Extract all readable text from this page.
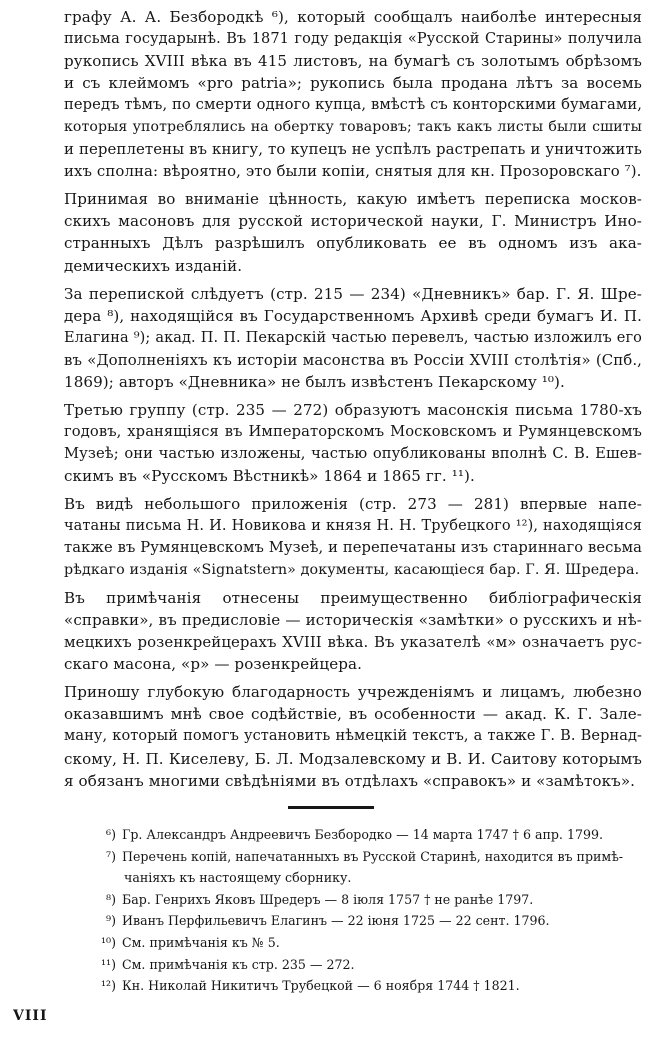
графу А. А. Безбородкѣ ⁶), который сообщалъ наиболѣе интересныя
письма государынѣ. Въ 1871 году редакція «Русской Старины» получила
рукопись XVIII вѣка въ 415 листовъ, на бумагѣ съ золотымъ обрѣзомъ
и съ клеймомъ «pro patria»; рукопись была продана лѣтъ за восемь
передъ тѣмъ, по смерти одного купца, вмѣстѣ съ конторскими бумагами,
которыя употреблялись на обертку товаровъ; такъ какъ листы были сшиты
и переплетены въ книгу, то купецъ не успѣлъ растрепать и уничтожить
ихъ сполна: вѣроятно, это были копіи, снятыя для кн. Прозоровскаго ⁷).
Принимая во вниманіе цѣнность, какую имѣетъ переписка москов-
скихъ масоновъ для русской исторической науки, Г. Министръ Ино-
странныхъ Дѣлъ разрѣшилъ опубликовать ее въ одномъ изъ ака-
демическихъ изданій.
За перепиской слѣдуетъ (стр. 215 — 234) «Дневникъ» бар. Г. Я. Шре-
дера ⁸), находящійся въ Государственномъ Архивѣ среди бумагъ И. П.
Елагина ⁹); акад. П. П. Пекарскій частью перевелъ, частью изложилъ его
въ «Дополненіяхъ къ исторіи масонства въ Россіи XVIII столѣтія» (Спб.,
1869); авторъ «Дневника» не былъ извѣстенъ Пекарскому ¹⁰).
Третью группу (стр. 235 — 272) образуютъ масонскія письма 1780-хъ
годовъ, хранящіяся въ Императорскомъ Московскомъ и Румянцевскомъ
Музеѣ; они частью изложены, частью опубликованы вполнѣ С. В. Ешев-
скимъ въ «Русскомъ Вѣстникѣ» 1864 и 1865 гг. ¹¹).
Въ видѣ небольшого приложенія (стр. 273 — 281) впервые напе-
чатаны письма Н. И. Новикова и князя Н. Н. Трубецкого ¹²), находящіяся
также въ Румянцевскомъ Музеѣ, и перепечатаны изъ стариннаго весьма
рѣдкаго изданія «Signatstern» документы, касающіеся бар. Г. Я. Шредера.
Въ примѣчанія отнесены преимущественно библіографическія
«справки», въ предисловіе — историческія «замѣтки» о русскихъ и нѣ-
мецкихъ розенкрейцерахъ XVIII вѣка. Въ указателѣ «м» означаетъ рус-
скаго масона, «р» — розенкрейцера.
Приношу глубокую благодарность учрежденіямъ и лицамъ, любезно
оказавшимъ мнѣ свое содѣйствіе, въ особенности — акад. К. Г. Зале-
ману, который помогъ установить нѣмецкій текстъ, а также Г. В. Вернад-
скому, Н. П. Киселеву, Б. Л. Модзалевскому и В. И. Саитову которымъ
я обязанъ многими свѣдѣніями въ отдѣлахъ «справокъ» и «замѣтокъ».
⁶) Гр. Александръ Андреевичъ Безбородко — 14 марта 1747 † 6 апр. 1799.
⁷) Перечень копій, напечатанныхъ въ Русской Старинѣ, находится въ примѣ-
чаніяхъ къ настоящему сборнику.
⁸) Бар. Генрихъ Яковъ Шредеръ — 8 іюля 1757 † не ранѣе 1797.
⁹) Иванъ Перфильевичъ Елагинъ — 22 іюня 1725 — 22 сент. 1796.
¹⁰) См. примѣчанія къ № 5.
¹¹) См. примѣчанія къ стр. 235 — 272.
¹²) Кн. Николай Никитичъ Трубецкой — 6 ноября 1744 † 1821.
VIII
